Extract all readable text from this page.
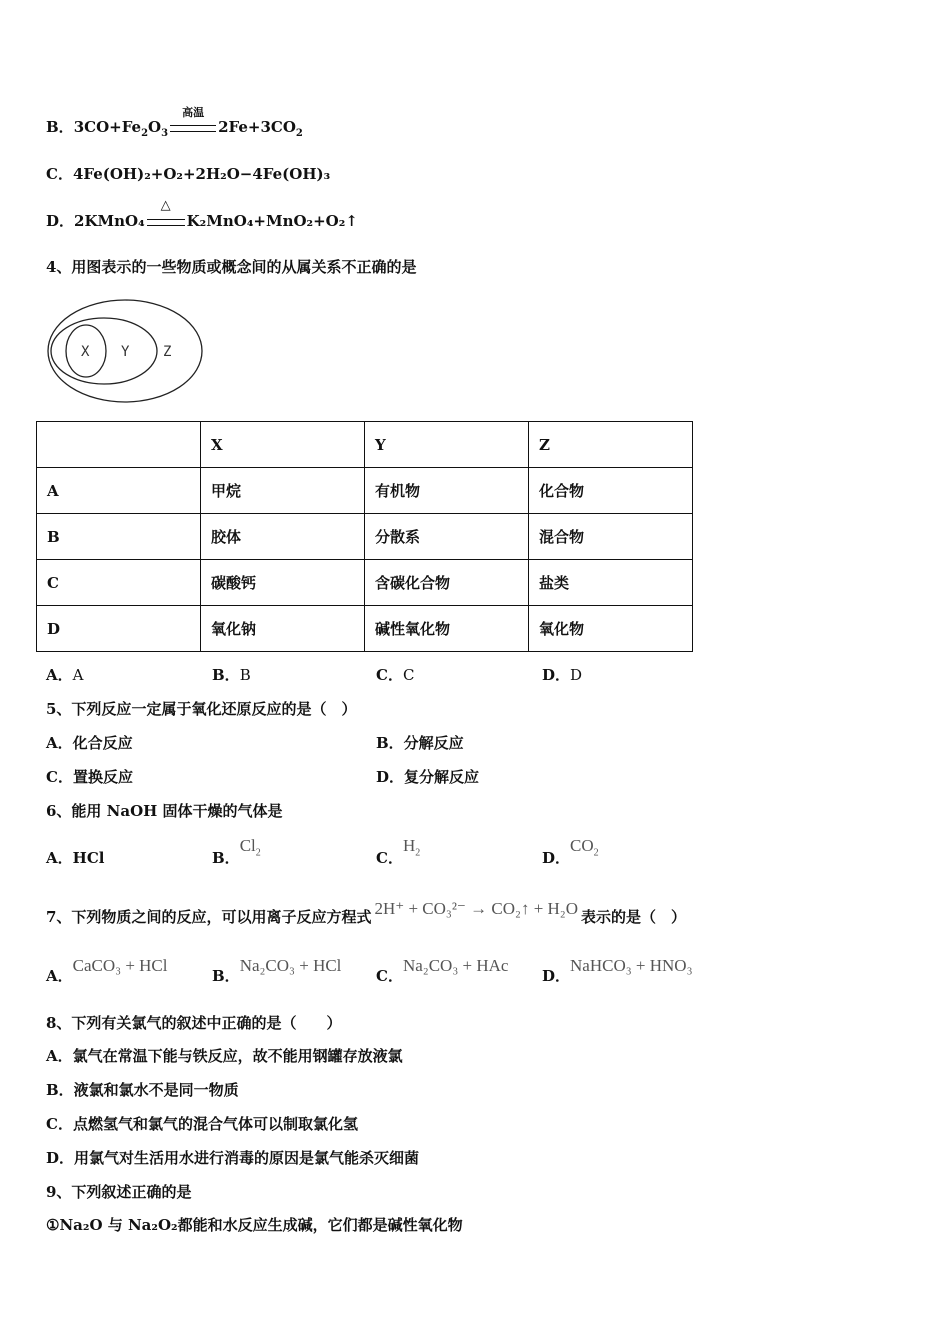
B．$3CO+Fe_2O_3$
高温
$2Fe+3CO_2$
C．4Fe(OH)₂+O₂+2H₂O−4Fe(OH)₃
D．2KMnO₄
△
K₂MnO₄+MnO₂+O₂↑
4、用图表示的一些物质或概念间的从属关系不正确的是
X Y Z
	X	Y	Z
A	甲烷	有机物	化合物
B	胶体	分散系	混合物
C	碳酸钙	含碳化合物	盐类
D	氧化钠	碱性氧化物	氧化物
A．A	B．B	C．C	D．D
5、下列反应一定属于氧化还原反应的是（　）
A．化合反应	B．分解反应
C．置换反应	D．复分解反应
6、能用 NaOH 固体干燥的气体是
A．HCl	B．$Cl_2$	C．$H_2$	D．$CO_2$
7、下列物质之间的反应，可以用离子反应方程式 2H⁺ + CO₃²⁻ → CO₂↑ + H₂O 表示的是（　）
A．CaCO₃ + HCl
B．Na₂CO₃ + HCl
C．Na₂CO₃ + HAc
D．NaHCO₃ + HNO₃
8、下列有关氯气的叙述中正确的是（　　）
A．氯气在常温下能与铁反应，故不能用钢罐存放液氯
B．液氯和氯水不是同一物质
C．点燃氢气和氯气的混合气体可以制取氯化氢
D．用氯气对生活用水进行消毒的原因是氯气能杀灭细菌
9、下列叙述正确的是
①Na₂O 与 Na₂O₂都能和水反应生成碱，它们都是碱性氧化物
